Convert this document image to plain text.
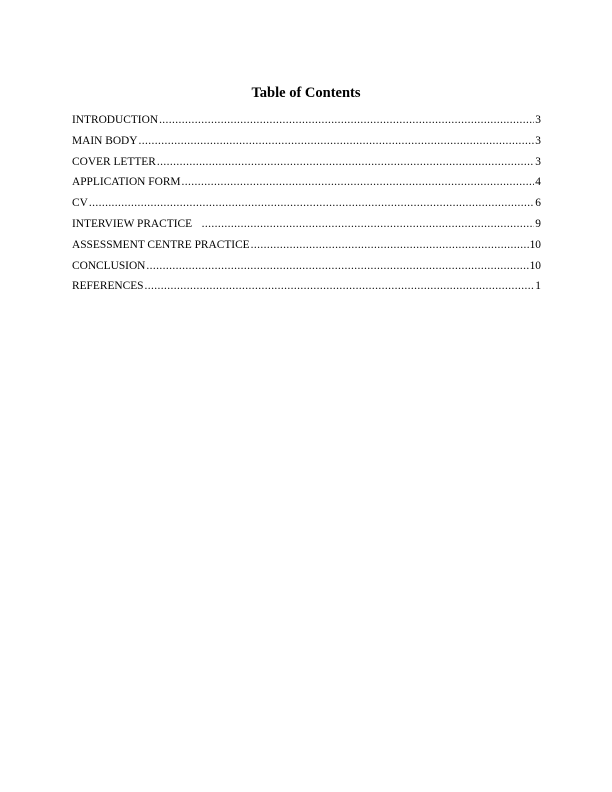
Table of Contents
INTRODUCTION .....	3
MAIN BODY .....	3
COVER LETTER .....	3
APPLICATION FORM .....	4
CV .....	6
INTERVIEW PRACTICE .....	9
ASSESSMENT CENTRE PRACTICE .....	10
CONCLUSION .....	10
REFERENCES .....	1
